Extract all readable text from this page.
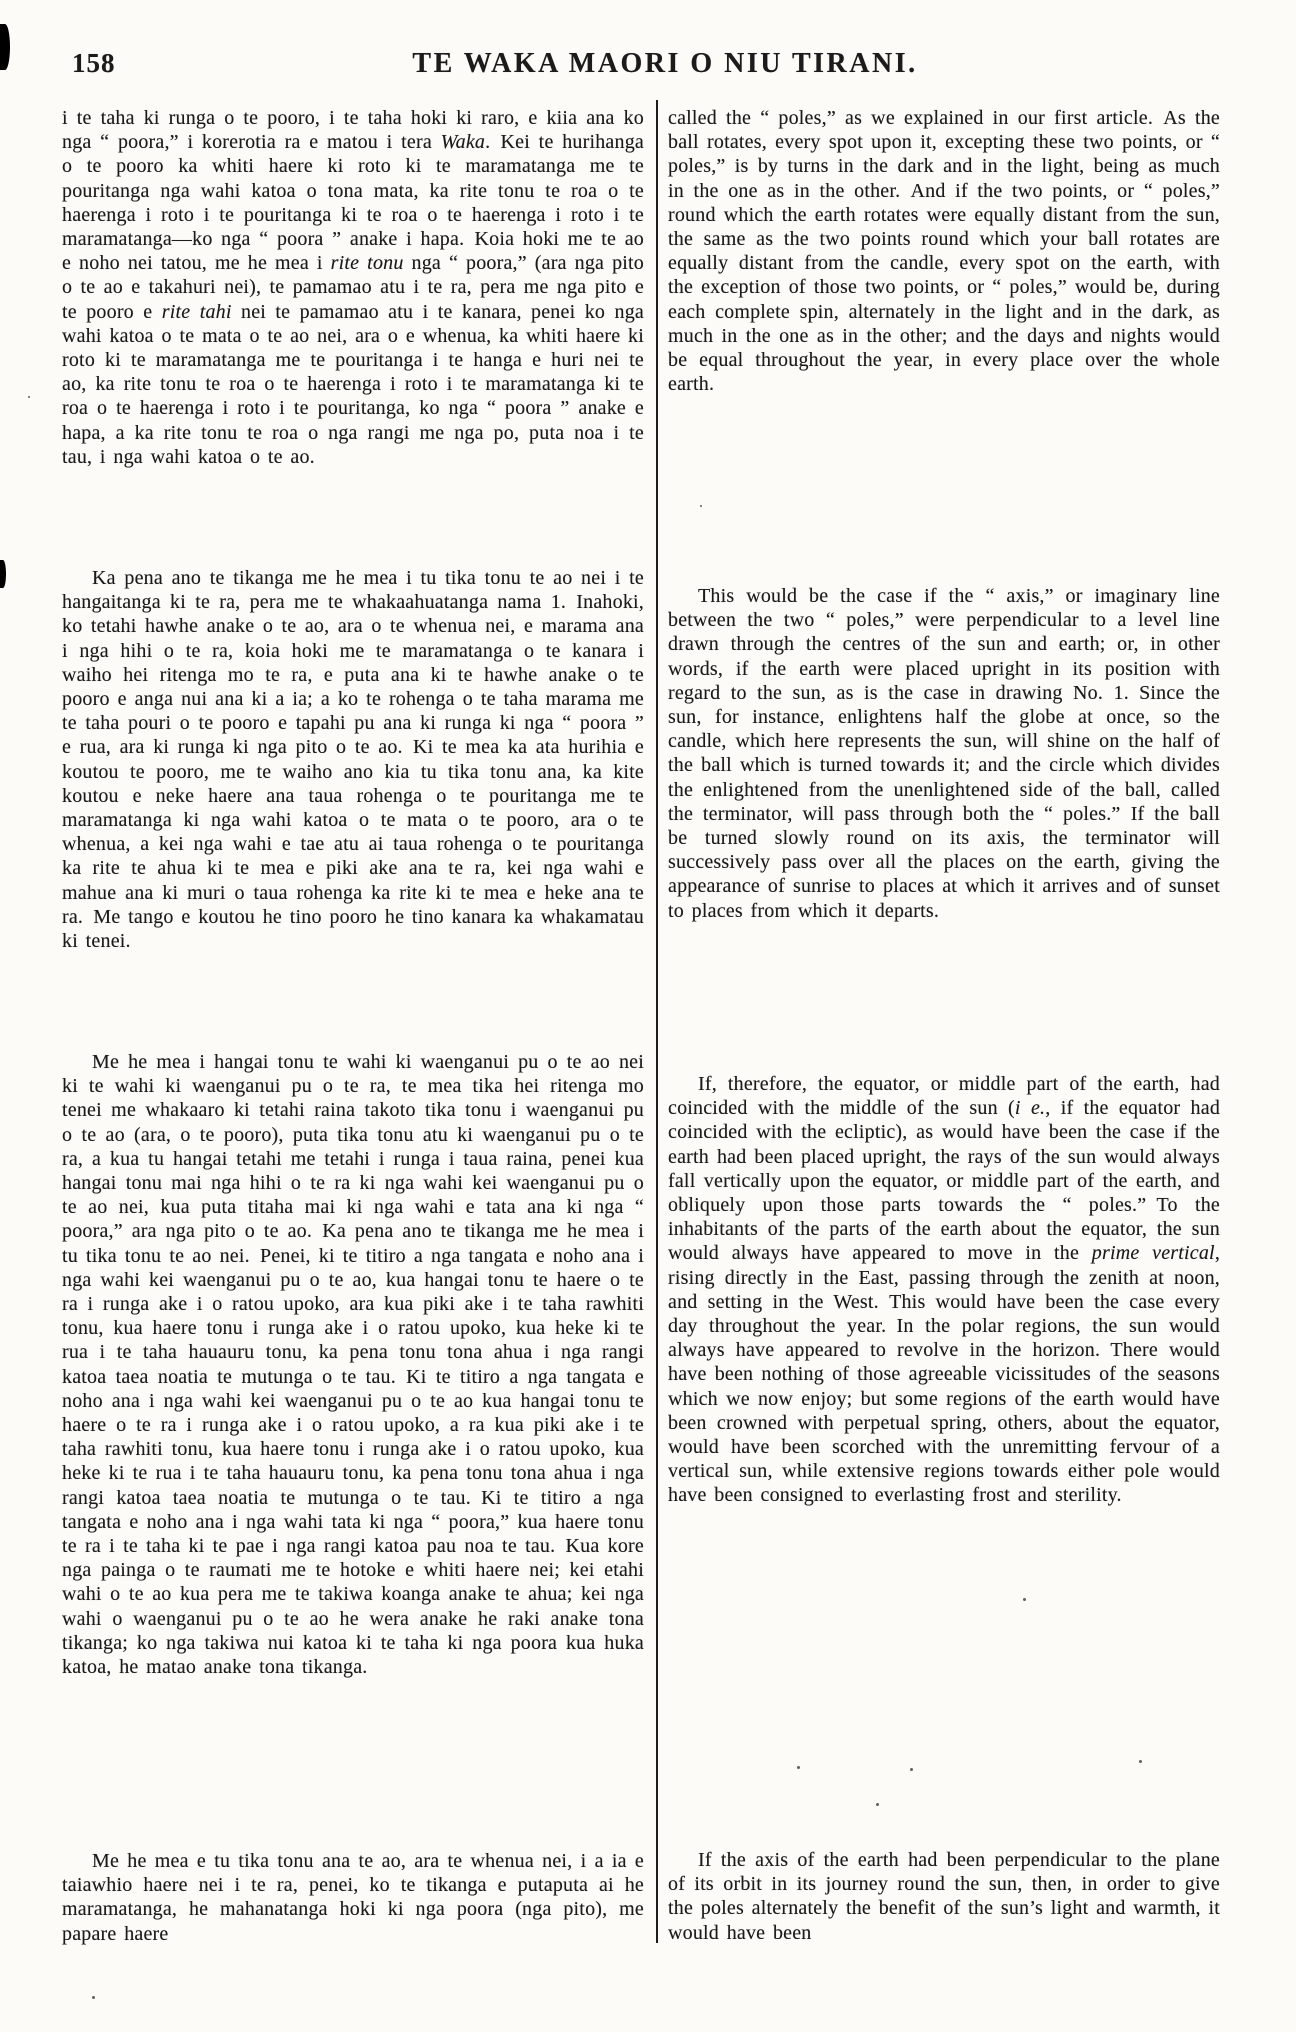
158	TE WAKA MAORI O NIU TIRANI.

i te taha ki runga o te pooro, i te taha hoki ki raro, e kiia ana ko nga “ poora,” i korerotia ra e matou i tera Waka. Kei te hurihanga o te pooro ka whiti haere ki roto ki te maramatanga me te pouritanga nga wahi katoa o tona mata, ka rite tonu te roa o te haerenga i roto i te pouritanga ki te roa o te haerenga i roto i te maramatanga—ko nga “ poora ” anake i hapa. Koia hoki me te ao e noho nei tatou, me he mea i rite tonu nga “ poora,” (ara nga pito o te ao e takahuri nei), te pamamao atu i te ra, pera me nga pito e te pooro e rite tahi nei te pamamao atu i te kanara, penei ko nga wahi katoa o te mata o te ao nei, ara o e whenua, ka whiti haere ki roto ki te maramatanga me te pouritanga i te hanga e huri nei te ao, ka rite tonu te roa o te haerenga i roto i te maramatanga ki te roa o te haerenga i roto i te pouritanga, ko nga “ poora ” anake e hapa, a ka rite tonu te roa o nga rangi me nga po, puta noa i te tau, i nga wahi katoa o te ao.

Ka pena ano te tikanga me he mea i tu tika tonu te ao nei i te hangaitanga ki te ra, pera me te whakaahuatanga nama 1. Inahoki, ko tetahi hawhe anake o te ao, ara o te whenua nei, e marama ana i nga hihi o te ra, koia hoki me te maramatanga o te kanara i waiho hei ritenga mo te ra, e puta ana ki te hawhe anake o te pooro e anga nui ana ki a ia; a ko te rohenga o te taha marama me te taha pouri o te pooro e tapahi pu ana ki runga ki nga “ poora ” e rua, ara ki runga ki nga pito o te ao. Ki te mea ka ata hurihia e koutou te pooro, me te waiho ano kia tu tika tonu ana, ka kite koutou e neke haere ana taua rohenga o te pouritanga me te maramatanga ki nga wahi katoa o te mata o te pooro, ara o te whenua, a kei nga wahi e tae atu ai taua rohenga o te pouritanga ka rite te ahua ki te mea e piki ake ana te ra, kei nga wahi e mahue ana ki muri o taua rohenga ka rite ki te mea e heke ana te ra. Me tango e koutou he tino pooro he tino kanara ka whakamatau ki tenei.

Me he mea i hangai tonu te wahi ki waenganui pu o te ao nei ki te wahi ki waenganui pu o te ra, te mea tika hei ritenga mo tenei me whakaaro ki tetahi raina takoto tika tonu i waenganui pu o te ao (ara, o te pooro), puta tika tonu atu ki waenganui pu o te ra, a kua tu hangai tetahi me tetahi i runga i taua raina, penei kua hangai tonu mai nga hihi o te ra ki nga wahi kei waenganui pu o te ao nei, kua puta titaha mai ki nga wahi e tata ana ki nga “ poora,” ara nga pito o te ao. Ka pena ano te tikanga me he mea i tu tika tonu te ao nei. Penei, ki te titiro a nga tangata e noho ana i nga wahi kei waenganui pu o te ao, kua hangai tonu te haere o te ra i runga ake i o ratou upoko, ara kua piki ake i te taha rawhiti tonu, kua haere tonu i runga ake i o ratou upoko, kua heke ki te rua i te taha hauauru tonu, ka pena tonu tona ahua i nga rangi katoa taea noatia te mutunga o te tau. Ki te titiro a nga tangata e noho ana i nga wahi kei waenganui pu o te ao kua hangai tonu te haere o te ra i runga ake i o ratou upoko, a ra kua piki ake i te taha rawhiti tonu, kua haere tonu i runga ake i o ratou upoko, kua heke ki te rua i te taha hauauru tonu, ka pena tonu tona ahua i nga rangi katoa taea noatia te mutunga o te tau. Ki te titiro a nga tangata e noho ana i nga wahi tata ki nga “ poora,” kua haere tonu te ra i te taha ki te pae i nga rangi katoa pau noa te tau. Kua kore nga painga o te raumati me te hotoke e whiti haere nei; kei etahi wahi o te ao kua pera me te takiwa koanga anake te ahua; kei nga wahi o waenganui pu o te ao he wera anake he raki anake tona tikanga; ko nga takiwa nui katoa ki te taha ki nga poora kua huka katoa, he matao anake tona tikanga.

Me he mea e tu tika tonu ana te ao, ara te whenua nei, i a ia e taiawhio haere nei i te ra, penei, ko te tikanga e putaputa ai he maramatanga, he mahanatanga hoki ki nga poora (nga pito), me papare haere

called the “ poles,” as we explained in our first article. As the ball rotates, every spot upon it, excepting these two points, or “ poles,” is by turns in the dark and in the light, being as much in the one as in the other. And if the two points, or “ poles,” round which the earth rotates were equally distant from the sun, the same as the two points round which your ball rotates are equally distant from the candle, every spot on the earth, with the exception of those two points, or “ poles,” would be, during each complete spin, alternately in the light and in the dark, as much in the one as in the other; and the days and nights would be equal throughout the year, in every place over the whole earth.

This would be the case if the “ axis,” or imaginary line between the two “ poles,” were perpendicular to a level line drawn through the centres of the sun and earth; or, in other words, if the earth were placed upright in its position with regard to the sun, as is the case in drawing No. 1. Since the sun, for instance, enlightens half the globe at once, so the candle, which here represents the sun, will shine on the half of the ball which is turned towards it; and the circle which divides the enlightened from the unenlightened side of the ball, called the terminator, will pass through both the “ poles.” If the ball be turned slowly round on its axis, the terminator will successively pass over all the places on the earth, giving the appearance of sunrise to places at which it arrives and of sunset to places from which it departs.

If, therefore, the equator, or middle part of the earth, had coincided with the middle of the sun (i e., if the equator had coincided with the ecliptic), as would have been the case if the earth had been placed upright, the rays of the sun would always fall vertically upon the equator, or middle part of the earth, and obliquely upon those parts towards the “ poles.” To the inhabitants of the parts of the earth about the equator, the sun would always have appeared to move in the prime vertical, rising directly in the East, passing through the zenith at noon, and setting in the West. This would have been the case every day throughout the year. In the polar regions, the sun would always have appeared to revolve in the horizon. There would have been nothing of those agreeable vicissitudes of the seasons which we now enjoy; but some regions of the earth would have been crowned with perpetual spring, others, about the equator, would have been scorched with the unremitting fervour of a vertical sun, while extensive regions towards either pole would have been consigned to everlasting frost and sterility.

If the axis of the earth had been perpendicular to the plane of its orbit in its journey round the sun, then, in order to give the poles alternately the benefit of the sun’s light and warmth, it would have been
